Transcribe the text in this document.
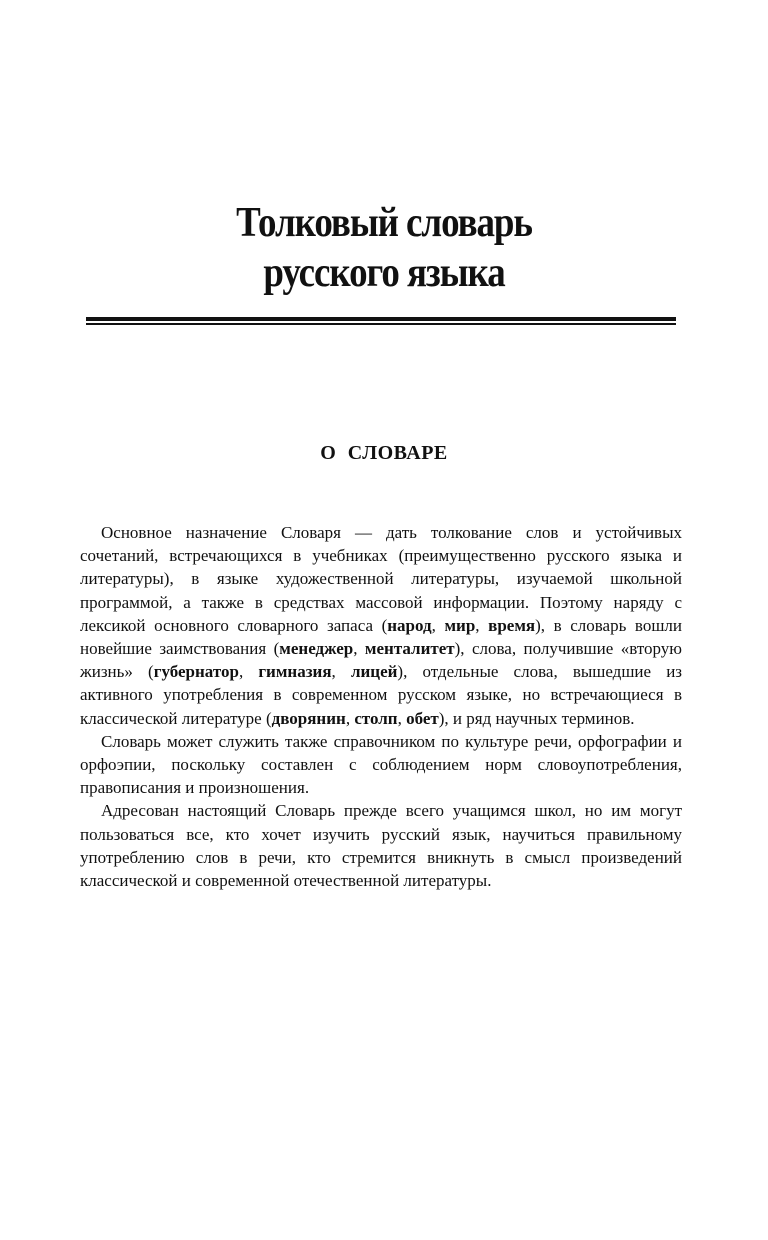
Толковый словарь
русского языка
О СЛОВАРЕ

Основное назначение Словаря — дать толкование слов и устойчивых сочетаний, встречающихся в учебниках (преимущественно русского языка и литературы), в языке художественной литературы, изучаемой школьной программой, а также в средствах массовой информации. Поэтому наряду с лексикой основного словарного запаса (народ, мир, время), в словарь вошли новейшие заимствования (менеджер, менталитет), слова, получившие «вторую жизнь» (губернатор, гимназия, лицей), отдельные слова, вышедшие из активного употребления в современном русском языке, но встречающиеся в классической литературе (дворянин, столп, обет), и ряд научных терминов.

Словарь может служить также справочником по культуре речи, орфографии и орфоэпии, поскольку составлен с соблюдением норм словоупотребления, правописания и произношения.

Адресован настоящий Словарь прежде всего учащимся школ, но им могут пользоваться все, кто хочет изучить русский язык, научиться правильному употреблению слов в речи, кто стремится вникнуть в смысл произведений классической и современной отечественной литературы.
